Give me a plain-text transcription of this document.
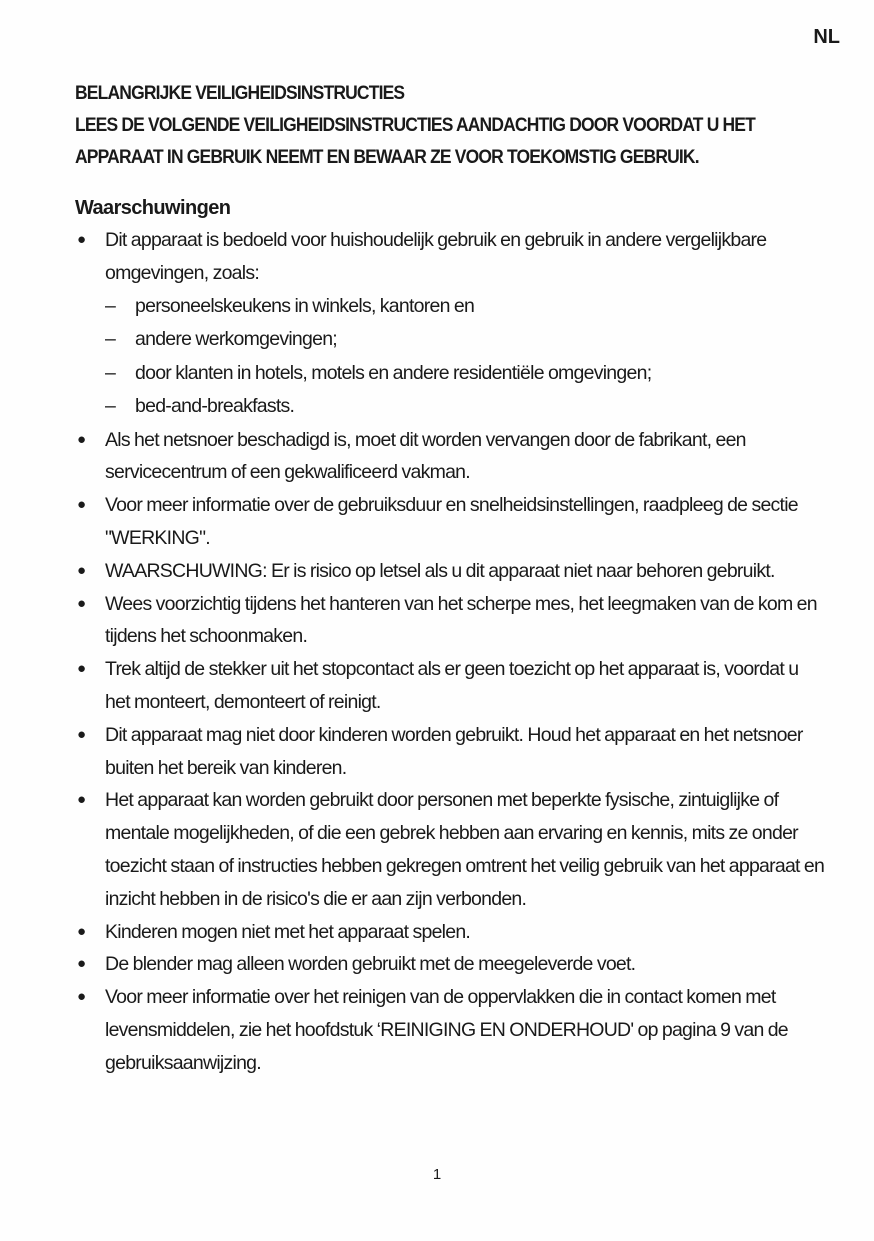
NL
BELANGRIJKE VEILIGHEIDSINSTRUCTIES
LEES DE VOLGENDE VEILIGHEIDSINSTRUCTIES AANDACHTIG DOOR VOORDAT U HET
APPARAAT IN GEBRUIK NEEMT EN BEWAAR ZE VOOR TOEKOMSTIG GEBRUIK.
Waarschuwingen
● Dit apparaat is bedoeld voor huishoudelijk gebruik en gebruik in andere vergelijkbare omgevingen, zoals:
– personeelskeukens in winkels, kantoren en
– andere werkomgevingen;
– door klanten in hotels, motels en andere residentiële omgevingen;
– bed-and-breakfasts.
● Als het netsnoer beschadigd is, moet dit worden vervangen door de fabrikant, een servicecentrum of een gekwalificeerd vakman.
● Voor meer informatie over de gebruiksduur en snelheidsinstellingen, raadpleeg de sectie "WERKING".
● WAARSCHUWING: Er is risico op letsel als u dit apparaat niet naar behoren gebruikt.
● Wees voorzichtig tijdens het hanteren van het scherpe mes, het leegmaken van de kom en tijdens het schoonmaken.
● Trek altijd de stekker uit het stopcontact als er geen toezicht op het apparaat is, voordat u het monteert, demonteert of reinigt.
● Dit apparaat mag niet door kinderen worden gebruikt. Houd het apparaat en het netsnoer buiten het bereik van kinderen.
● Het apparaat kan worden gebruikt door personen met beperkte fysische, zintuiglijke of mentale mogelijkheden, of die een gebrek hebben aan ervaring en kennis, mits ze onder toezicht staan of instructies hebben gekregen omtrent het veilig gebruik van het apparaat en inzicht hebben in de risico's die er aan zijn verbonden.
● Kinderen mogen niet met het apparaat spelen.
● De blender mag alleen worden gebruikt met de meegeleverde voet.
● Voor meer informatie over het reinigen van de oppervlakken die in contact komen met levensmiddelen, zie het hoofdstuk ‘REINIGING EN ONDERHOUD' op pagina 9 van de gebruiksaanwijzing.
1
